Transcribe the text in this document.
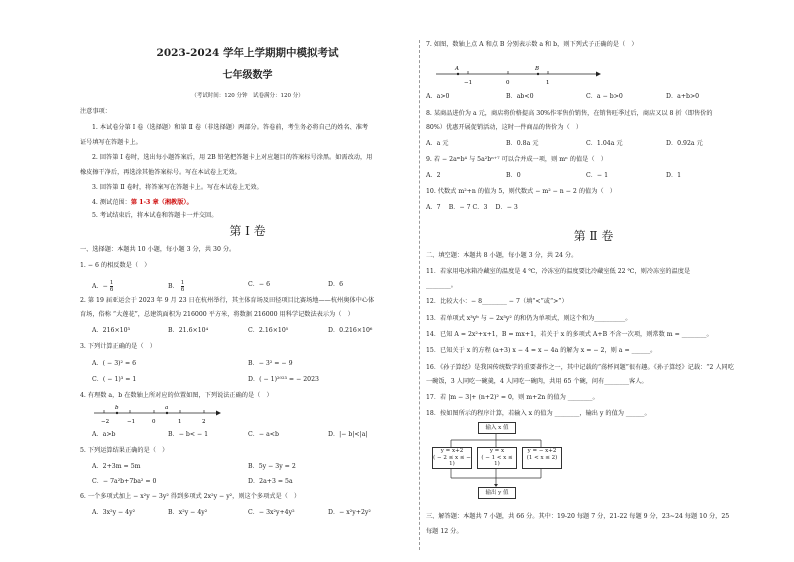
2023-2024 学年上学期期中模拟考试
七年级数学
（考试时间：120 分钟　试卷满分：120 分）
注意事项：
1. 本试卷分第 Ⅰ 卷（选择题）和第 Ⅱ 卷（非选择题）两部分。答卷前，考生务必将自己的姓名、准考
证号填写在答题卡上。
2. 回答第 Ⅰ 卷时，选出每小题答案后，用 2B 铅笔把答题卡上对应题目的答案标号涂黑。如需改动，用
橡皮擦干净后，再选涂其他答案标号。写在本试卷上无效。
3. 回答第 Ⅱ 卷时，将答案写在答题卡上。写在本试卷上无效。
4. 测试范围：第 1-3 章（湘教版）。
5. 考试结束后，将本试卷和答题卡一并交回。
第 Ⅰ 卷
一、选择题：本题共 10 小题，每小题 3 分，共 30 分。
1. − 6 的相反数是（　）
A．− $\frac{1}{6}$	B． $\frac{1}{6}$	C．− 6	D．6
2. 第 19 届亚运会于 2023 年 9 月 23 日在杭州举行，其主体育场及田径项目比赛场地——杭州奥体中心体
育场，俗称 “大莲花”，总建筑面积为 216000 平方米，将数据 216000 用科学记数法表示为（　）
A．216×10³	B．21.6×10⁴	C．2.16×10⁵	D．0.216×10⁶
3. 下列计算正确的是（　）
A．( − 3)² = 6	B．− 3² = − 9
C．( − 1)³ = 1	D．( − 1)²⁰²³ = − 2023
4. 有理数 a，b 在数轴上所对应的位置如图，下列说法正确的是（　）
−2
b
−1	0
a
1	2
A．a>b	B．− b< − 1	C．− a<b	D．|− b|<|a|
5. 下列运算结果正确的是（　）
A．2+3m = 5m	B．5y − 3y = 2
C．− 7a²b+7ba² = 0	D．2a+3 = 5a
6. 一个多项式加上 − x²y − 3y² 得到多项式 2x²y − y²，则这个多项式是（　）
A．3x²y − 4y²	B．x²y − 4y²	C．− 3x²y+4y²	D．− x²y+2y²
7. 如图，数轴上点 A 和点 B 分别表示数 a 和 b，则下列式子正确的是（　）
A	B
−1	0	1
A．a>0	B．ab<0	C．a − b>0	D．a+b>0
8. 某商品进价为 a 元，商店将价格提高 30%作零售价销售，在销售旺季过后，商店又以 8 折（即售价的
80%）优惠开展促销活动，这时一件商品的售价为（　）
A．a 元	B．0.8a 元	C．1.04a 元	D．0.92a 元
9. 若 − 2aᵐb⁴ 与 5a²bⁿ⁺⁷ 可以合并成一项，则 mⁿ 的值是（　）
A．2	B．0	C．− 1	D．1
10. 代数式 m²+n 的值为 5，则代数式 − m² − n − 2 的值为（　）
A．7　 B．− 7 C．3　 D．− 3
第 Ⅱ 卷
二、填空题：本题共 8 小题，每小题 3 分，共 24 分。
11．若家用电冰箱冷藏室的温度是 4 ℃，冷冻室的温度要比冷藏室低 22 ℃，则冷冻室的温度是
________。
12．比较大小：− 8________ − 7（填“<”或“>”）
13．若单项式 x³yᵇ 与 − 2x³y² 的和仍为单项式，则这个和为__________。
14．已知 A = 2x²+x+1，B = mx+1，若关于 x 的多项式 A+B 不含一次项，则常数 m = ________。
15．已知关于 x 的方程 (a+3) x − 4 = x − 4a 的解为 x = − 2，则 a = ______。
16．《孙子算经》是我国传统数学的重要著作之一，其中记载的“荡杯问题”很有趣。《孙子算经》记载：“2 人同吃
一碗饭，3 人同吃一碗羹，4 人同吃一碗肉，共用 65 个碗，问有________客人。
17．若 |m − 3|+ (n+2)² = 0，则 m+2n 的值为 ________。
18．按如图所示的程序计算，若输入 x 的值为 ________，输出 y 的值为 ______。
输入 x 值
y = x+2
( − 2 ≤ x ≤ − 1)
y = x
( − 1 < x ≤ 1)
y = − x+2
(1 < x ≤ 2)
输出 y 值
三、解答题：本题共 7 小题，共 66 分。其中：19-20 每题 7 分，21-22 每题 9 分，23~24 每题 10 分，25
每题 12 分。
